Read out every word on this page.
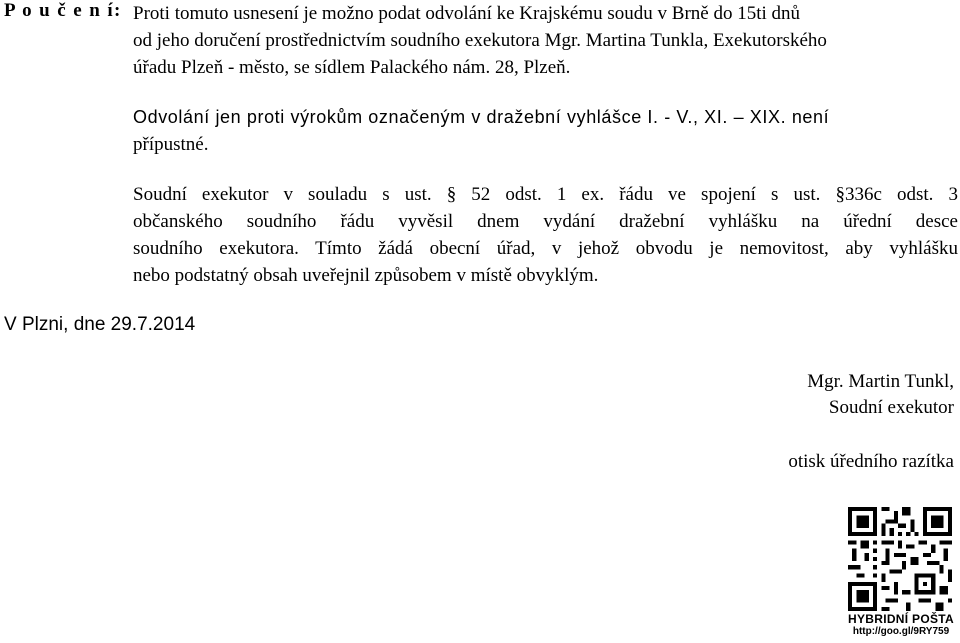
P o u č e n í: Proti tomuto usnesení je možno podat odvolání ke Krajskému soudu v Brně do 15ti dnů
od jeho doručení prostřednictvím soudního exekutora Mgr. Martina Tunkla, Exekutorského
úřadu Plzeň - město, se sídlem Palackého nám. 28, Plzeň.
Odvolání jen proti výrokům označeným v dražební vyhlášce I. - V., XI. – XIX. není
přípustné.
Soudní exekutor v souladu s ust. § 52 odst. 1 ex. řádu ve spojení s ust. §336c odst. 3
občanského soudního řádu vyvěsil dnem vydání dražební vyhlášku na úřední desce
soudního exekutora. Tímto žádá obecní úřad, v jehož obvodu je nemovitost, aby vyhlášku
nebo podstatný obsah uveřejnil způsobem v místě obvyklým.
V Plzni, dne 29.7.2014
Mgr. Martin Tunkl,
Soudní exekutor
otisk úředního razítka
HYBRIDNÍ POŠTA
http://goo.gl/9RY759
